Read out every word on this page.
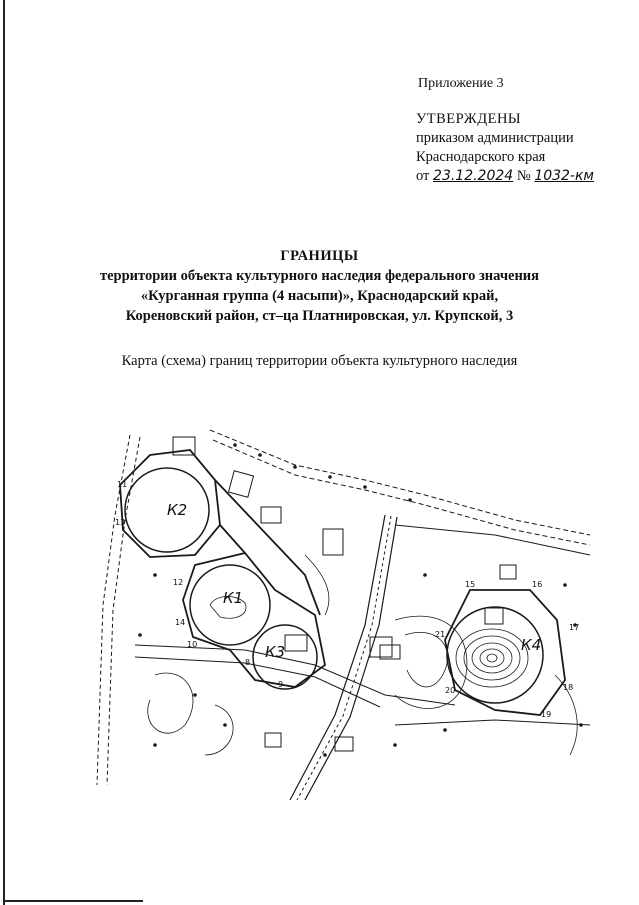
Приложение 3
УТВЕРЖДЕНЫ
приказом администрации
Краснодарского края
от 23.12.2024 № 1032-км
ГРАНИЦЫ
территории объекта культурного наследия федерального значения
«Курганная группа (4 насыпи)», Краснодарский край,
Кореновский район, ст–ца Платнировская, ул. Крупской, 3
Карта (схема) границ территории объекта культурного наследия
К2
К1
К3	К4
11
12
13
14
15	16
17
18
19
20
21
8
9
10
